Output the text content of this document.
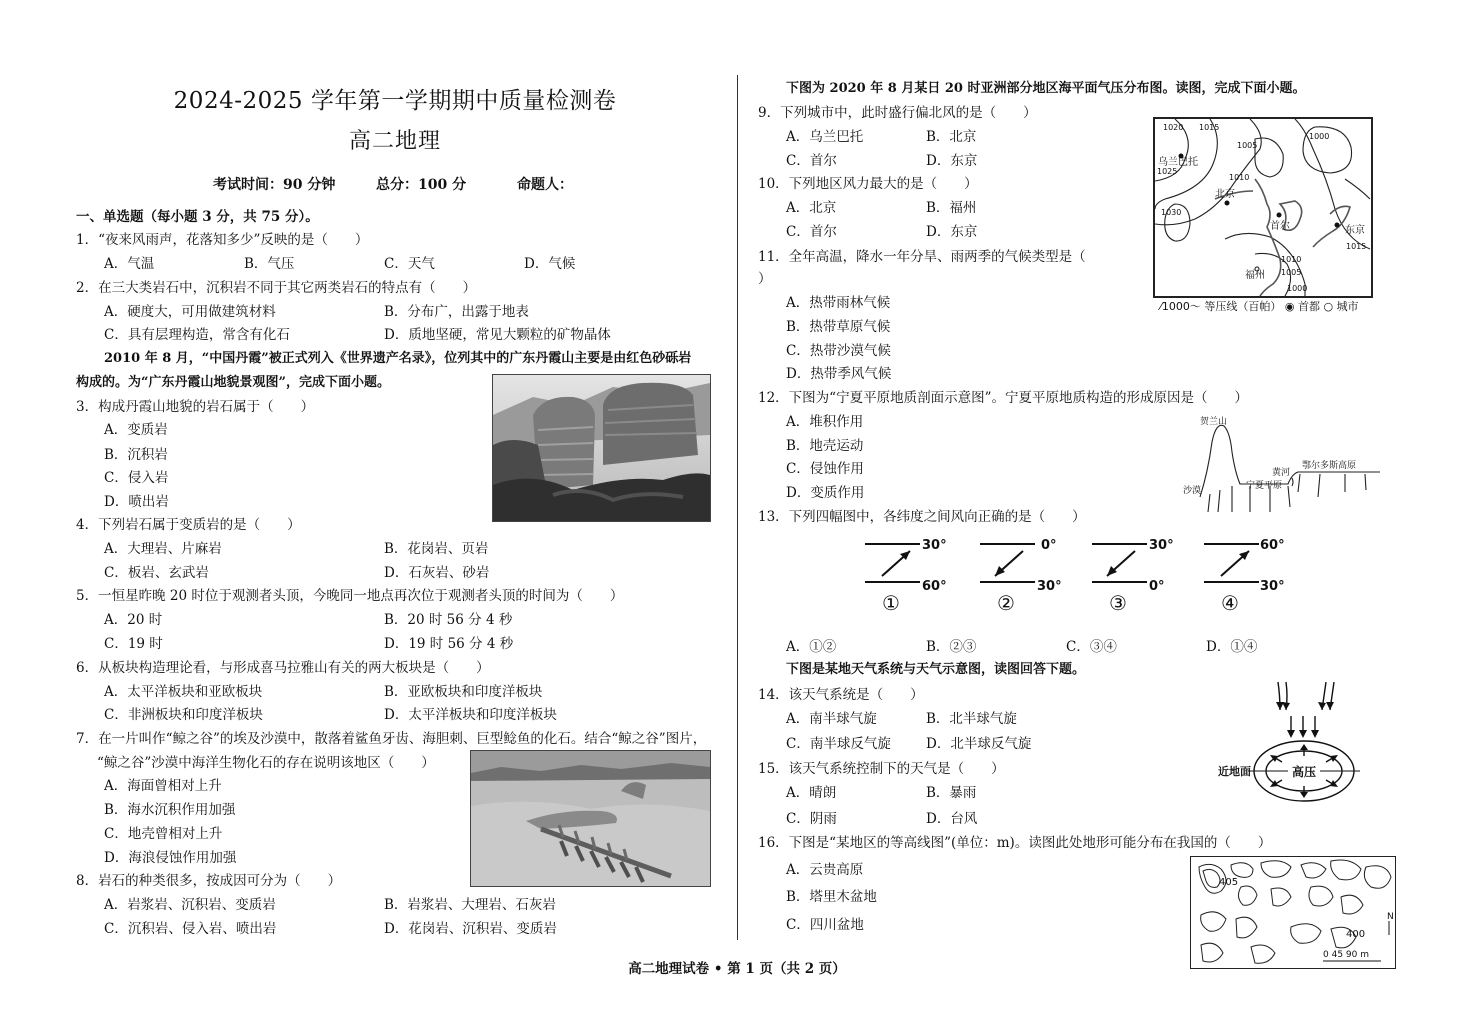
2024-2025 学年第一学期期中质量检测卷
高二地理
考试时间：90 分钟	总分：100 分	命题人：
一、单选题（每小题 3 分，共 75 分）。
1．“夜来风雨声，花落知多少”反映的是（　　）
A．气温	B．气压	C．天气	D．气候
2．在三大类岩石中，沉积岩不同于其它两类岩石的特点有（　　）
A．硬度大，可用做建筑材料	B．分布广，出露于地表
C．具有层理构造，常含有化石	D．质地坚硬，常见大颗粒的矿物晶体
2010 年 8 月，“中国丹霞”被正式列入《世界遗产名录》，位列其中的广东丹霞山主要是由红色砂砾岩
构成的。为“广东丹霞山地貌景观图”，完成下面小题。
3．构成丹霞山地貌的岩石属于（　　）
A．变质岩
B．沉积岩
C．侵入岩
D．喷出岩
4．下列岩石属于变质岩的是（　　）
A．大理岩、片麻岩	B．花岗岩、页岩
C．板岩、玄武岩	D．石灰岩、砂岩
5．一恒星昨晚 20 时位于观测者头顶，今晚同一地点再次位于观测者头顶的时间为（　　）
A．20 时	B．20 时 56 分 4 秒
C．19 时	D．19 时 56 分 4 秒
6．从板块构造理论看，与形成喜马拉雅山有关的两大板块是（　　）
A．太平洋板块和亚欧板块	B．亚欧板块和印度洋板块
C．非洲板块和印度洋板块	D．太平洋板块和印度洋板块
7．在一片叫作“鲸之谷”的埃及沙漠中，散落着鲨鱼牙齿、海胆刺、巨型鲶鱼的化石。结合“鲸之谷”图片，
“鲸之谷”沙漠中海洋生物化石的存在说明该地区（　　）
A．海面曾相对上升
B．海水沉积作用加强
C．地壳曾相对上升
D．海浪侵蚀作用加强
8．岩石的种类很多，按成因可分为（　　）
A．岩浆岩、沉积岩、变质岩	B．岩浆岩、大理岩、石灰岩
C．沉积岩、侵入岩、喷出岩	D．花岗岩、沉积岩、变质岩
下图为 2020 年 8 月某日 20 时亚洲部分地区海平面气压分布图。读图，完成下面小题。
9．下列城市中，此时盛行偏北风的是（　　）
A．乌兰巴托	B．北京
C．首尔	D．东京
10．下列地区风力最大的是（　　）
A．北京	B．福州
C．首尔	D．东京
11．全年高温，降水一年分旱、雨两季的气候类型是（
）
A．热带雨林气候
B．热带草原气候
C．热带沙漠气候
D．热带季风气候
1020 1015
1000
1005
1025
1010
1030
1010
1005
1000
1015
乌兰巴托
北京
首尔	东京
福州
⁄1000～ 等压线（百帕） ◉ 首都 ○ 城市
12．下图为“宁夏平原地质剖面示意图”。宁夏平原地质构造的形成原因是（　　）
A．堆积作用
B．地壳运动
C．侵蚀作用
D．变质作用
贺兰山
鄂尔多斯高原
黄河
宁夏平原
沙漠
13．下列四幅图中，各纬度之间风向正确的是（　　）
30°
60°
0°
30°
30°
0°
60°
30°
①	②	③	④
A．①②	B．②③	C．③④	D．①④
下图是某地天气系统与天气示意图，读图回答下题。
14．该天气系统是（　　）
A．南半球气旋	B．北半球气旋
C．南半球反气旋	D．北半球反气旋
15．该天气系统控制下的天气是（　　）
A．晴朗	B．暴雨
C．阴雨	D．台风
高压
近地面
16．下图是“某地区的等高线图”(单位：m)。读图此处地形可能分布在我国的（　　）
A．云贵高原
B．塔里木盆地
C．四川盆地
405
400
N
0 45 90 m
高二地理试卷 • 第 1 页（共 2 页）
